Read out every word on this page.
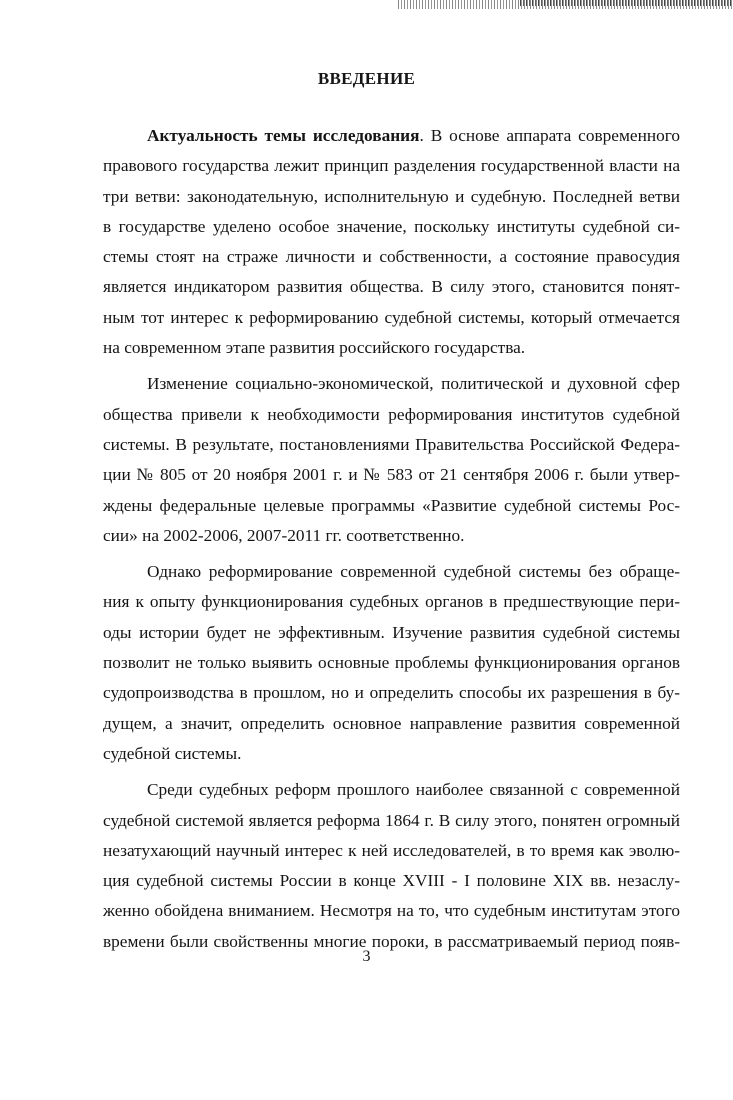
ВВЕДЕНИЕ

Актуальность темы исследования. В основе аппарата современного
правового государства лежит принцип разделения государственной власти на
три ветви: законодательную, исполнительную и судебную. Последней ветви
в государстве уделено особое значение, поскольку институты судебной си-
стемы стоят на страже личности и собственности, а состояние правосудия
является индикатором развития общества. В силу этого, становится понят-
ным тот интерес к реформированию судебной системы, который отмечается
на современном этапе развития российского государства.

Изменение социально-экономической, политической и духовной сфер
общества привели к необходимости реформирования институтов судебной
системы. В результате, постановлениями Правительства Российской Федера-
ции № 805 от 20 ноября 2001 г. и № 583 от 21 сентября 2006 г. были утвер-
ждены федеральные целевые программы «Развитие судебной системы Рос-
сии» на 2002-2006, 2007-2011 гг. соответственно.

Однако реформирование современной судебной системы без обраще-
ния к опыту функционирования судебных органов в предшествующие пери-
оды истории будет не эффективным. Изучение развития судебной системы
позволит не только выявить основные проблемы функционирования органов
судопроизводства в прошлом, но и определить способы их разрешения в бу-
дущем, а значит, определить основное направление развития современной
судебной системы.

Среди судебных реформ прошлого наиболее связанной с современной
судебной системой является реформа 1864 г. В силу этого, понятен огромный
незатухающий научный интерес к ней исследователей, в то время как эволю-
ция судебной системы России в конце XVIII - I половине XIX вв. незаслу-
женно обойдена вниманием. Несмотря на то, что судебным институтам этого
времени были свойственны многие пороки, в рассматриваемый период появ-

3
